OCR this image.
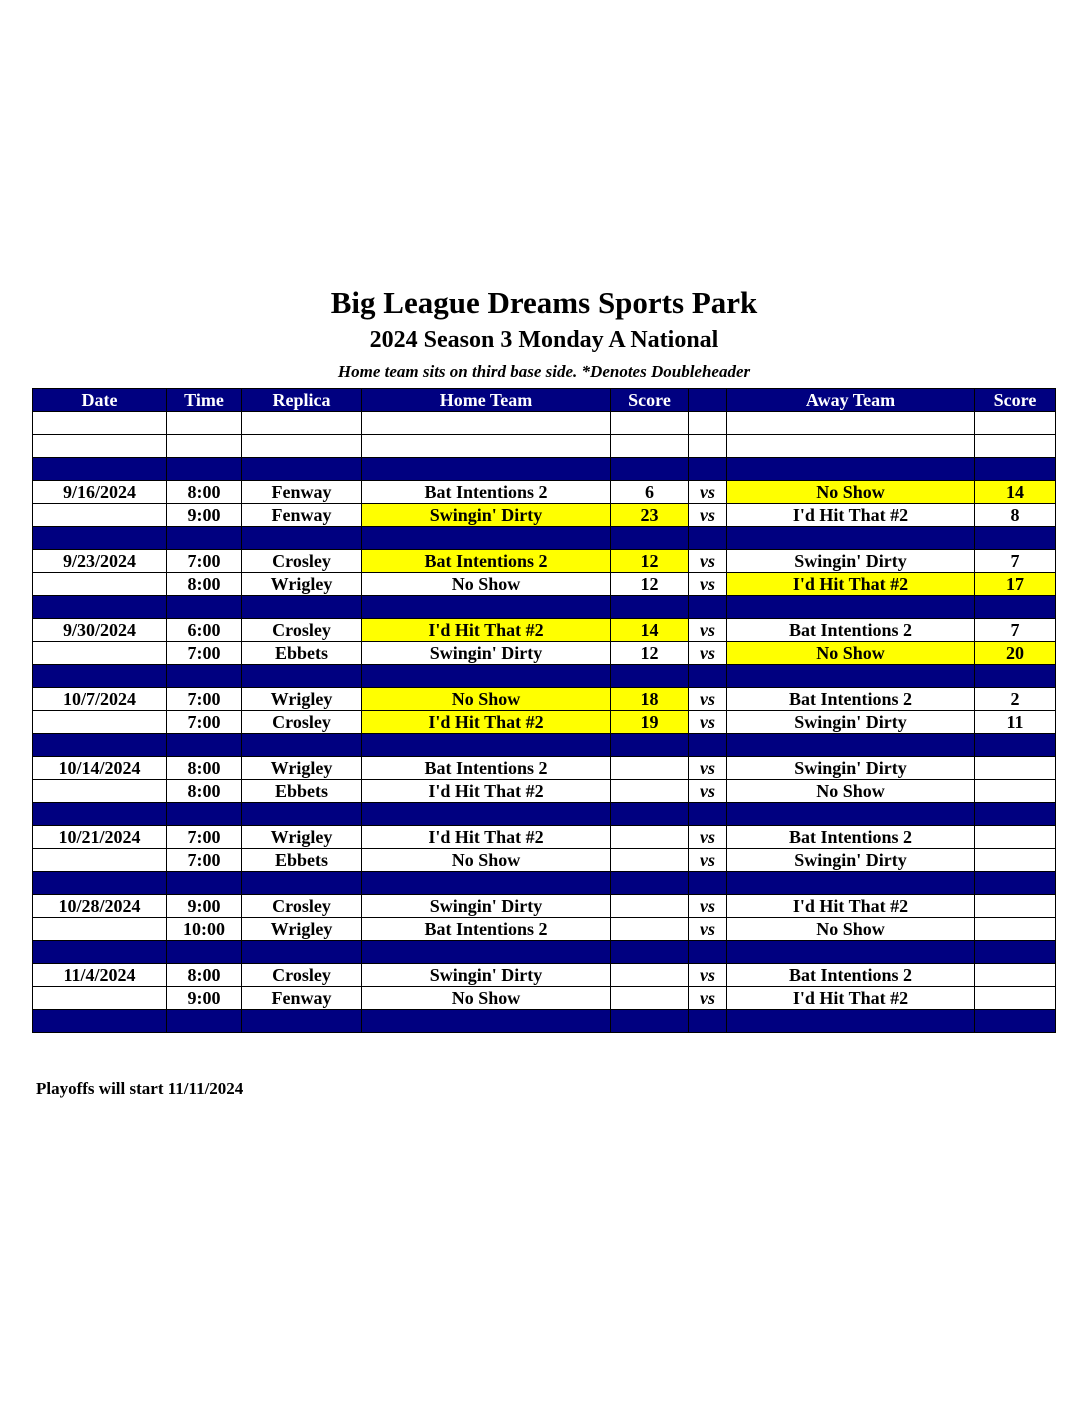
Big League Dreams Sports Park
2024 Season 3 Monday A National
Home team sits on third base side. *Denotes Doubleheader
Date	Time	Replica	Home Team	Score		Away Team	Score

9/16/2024	8:00	Fenway	Bat Intentions 2	6	vs	No Show	14
	9:00	Fenway	Swingin' Dirty	23	vs	I'd Hit That #2	8

9/23/2024	7:00	Crosley	Bat Intentions 2	12	vs	Swingin' Dirty	7
	8:00	Wrigley	No Show	12	vs	I'd Hit That #2	17

9/30/2024	6:00	Crosley	I'd Hit That #2	14	vs	Bat Intentions 2	7
	7:00	Ebbets	Swingin' Dirty	12	vs	No Show	20

10/7/2024	7:00	Wrigley	No Show	18	vs	Bat Intentions 2	2
	7:00	Crosley	I'd Hit That #2	19	vs	Swingin' Dirty	11

10/14/2024	8:00	Wrigley	Bat Intentions 2		vs	Swingin' Dirty	
	8:00	Ebbets	I'd Hit That #2		vs	No Show	

10/21/2024	7:00	Wrigley	I'd Hit That #2		vs	Bat Intentions 2	
	7:00	Ebbets	No Show		vs	Swingin' Dirty	

10/28/2024	9:00	Crosley	Swingin' Dirty		vs	I'd Hit That #2	
	10:00	Wrigley	Bat Intentions 2		vs	No Show	

11/4/2024	8:00	Crosley	Swingin' Dirty		vs	Bat Intentions 2	
	9:00	Fenway	No Show		vs	I'd Hit That #2	

Playoffs will start 11/11/2024
